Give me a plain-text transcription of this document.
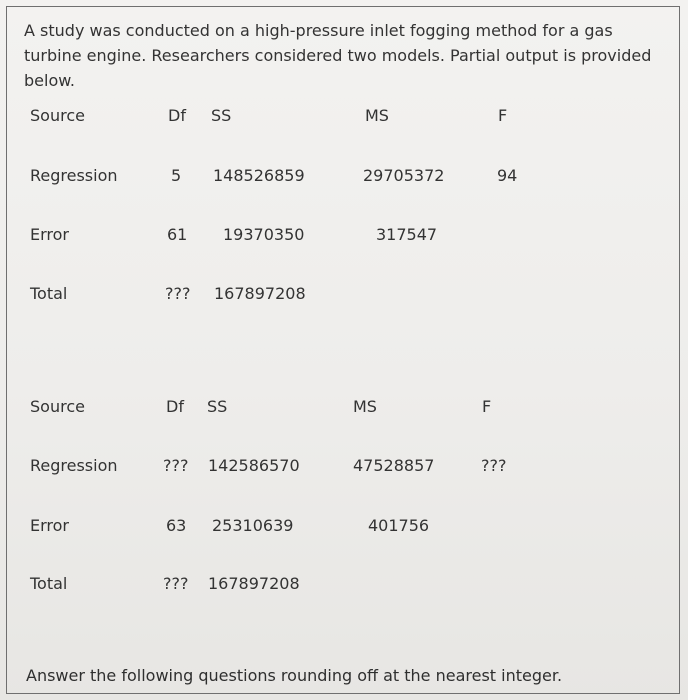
A study was conducted on a high-pressure inlet fogging method for a gas turbine engine. Researchers considered two models. Partial output is provided below.
Source	Df SS	MS	F
Regression	5 148526859	29705372	94
Error	61 19370350	317547
Total	??? 167897208
Source	Df SS	MS	F
Regression	??? 142586570	47528857	???
Error	63 25310639	401756
Total	??? 167897208
Answer the following questions rounding off at the nearest integer.
